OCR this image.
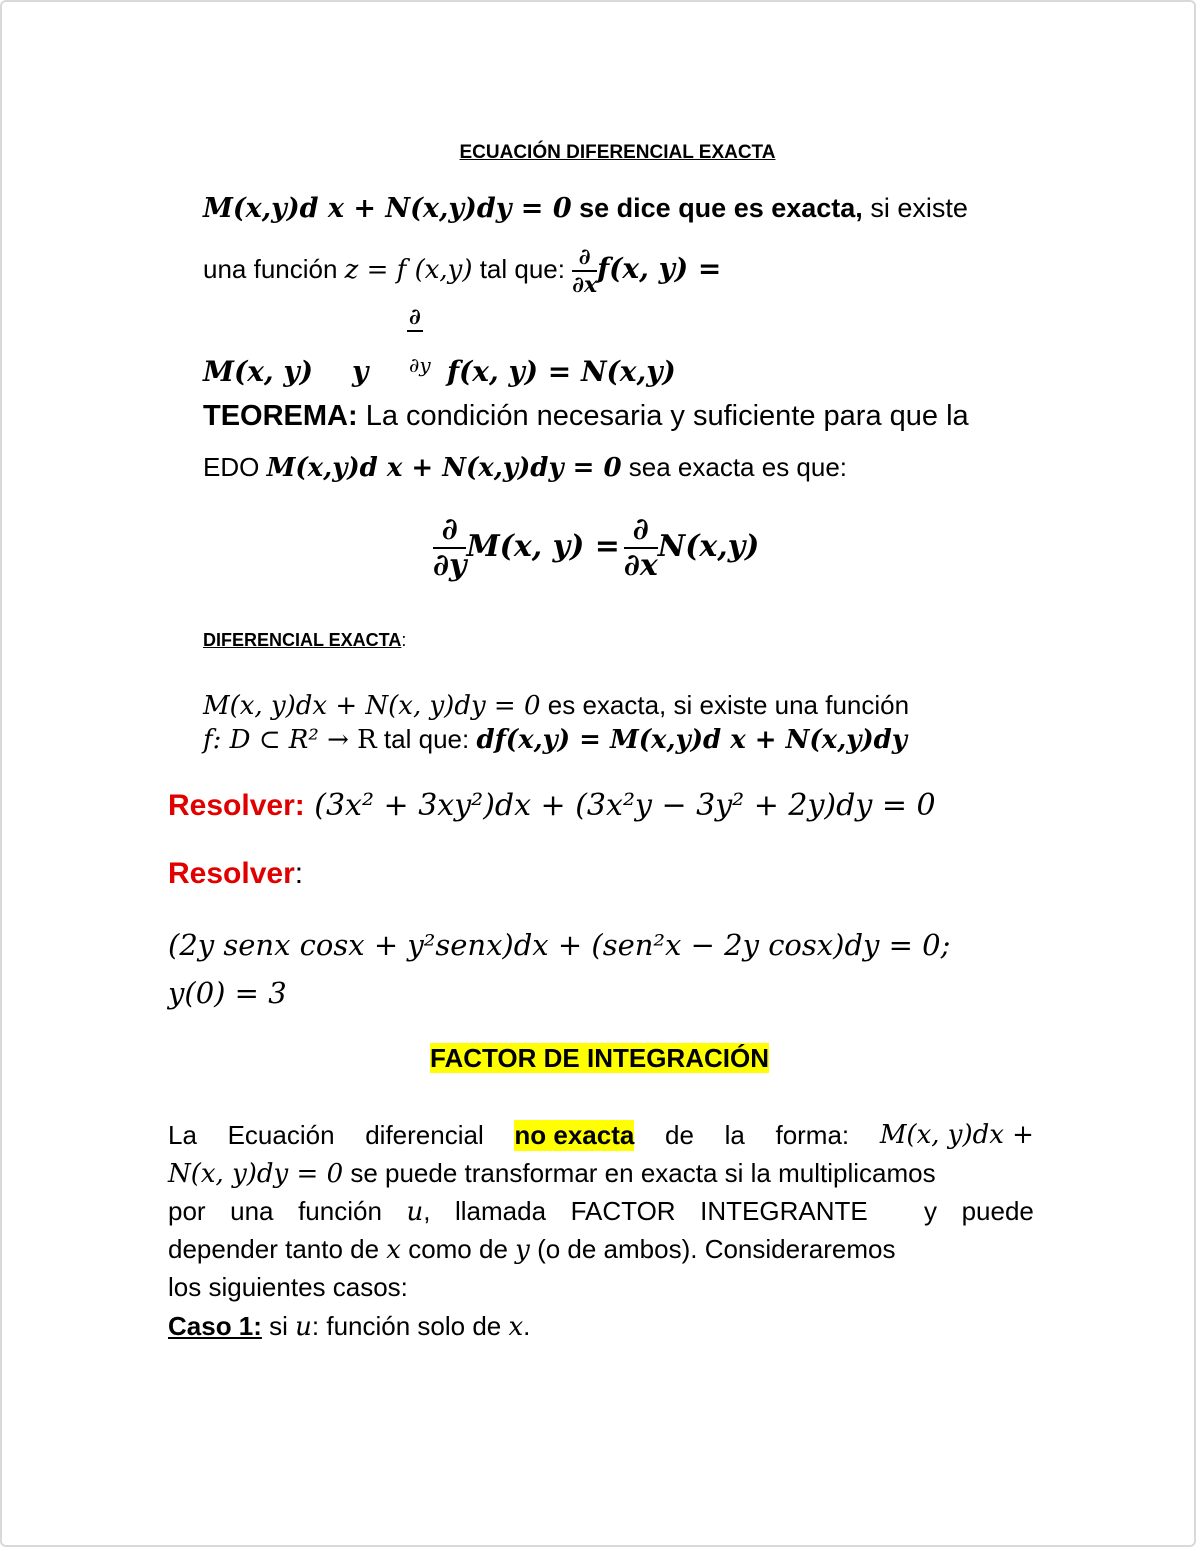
ECUACIÓN DIFERENCIAL EXACTA
M(x,y)d x + N(x,y)dy = 0 se dice que es exacta, si existe
una función z = f (x,y) tal que: $\frac{\partial}{\partial x} f(x$, y) =
∂
∂y
M(x, y) y	f(x, y) = N(x,y)
TEOREMA: La condición necesaria y suficiente para que la
EDO M(x,y)d x + N(x,y)dy = 0 sea exacta es que:
$\frac{\partial}{\partial y} M(x$, $y) = \frac{\partial}{\partial x} N(x,y)$
DIFERENCIAL EXACTA:
M(x, y)dx + N(x, y)dy = 0 es exacta, si existe una función
f: D ⊂ R² → R tal que: df(x,y) = M(x,y)d x + N(x,y)dy
Resolver: (3x² + 3xy²)dx + (3x²y − 3y² + 2y)dy = 0
Resolver:
(2y senx cosx + y²senx)dx + (sen²x − 2y cosx)dy = 0;
y(0) = 3
FACTOR DE INTEGRACIÓN
La Ecuación diferencial no exacta de la forma: M(x, y)dx +
N(x, y)dy = 0 se puede transformar en exacta si la multiplicamos
por una función u, llamada FACTOR INTEGRANTE
y puede
depender tanto de x como de y (o de ambos). Consideraremos
los siguientes casos:
Caso 1: si u: función solo de x.
